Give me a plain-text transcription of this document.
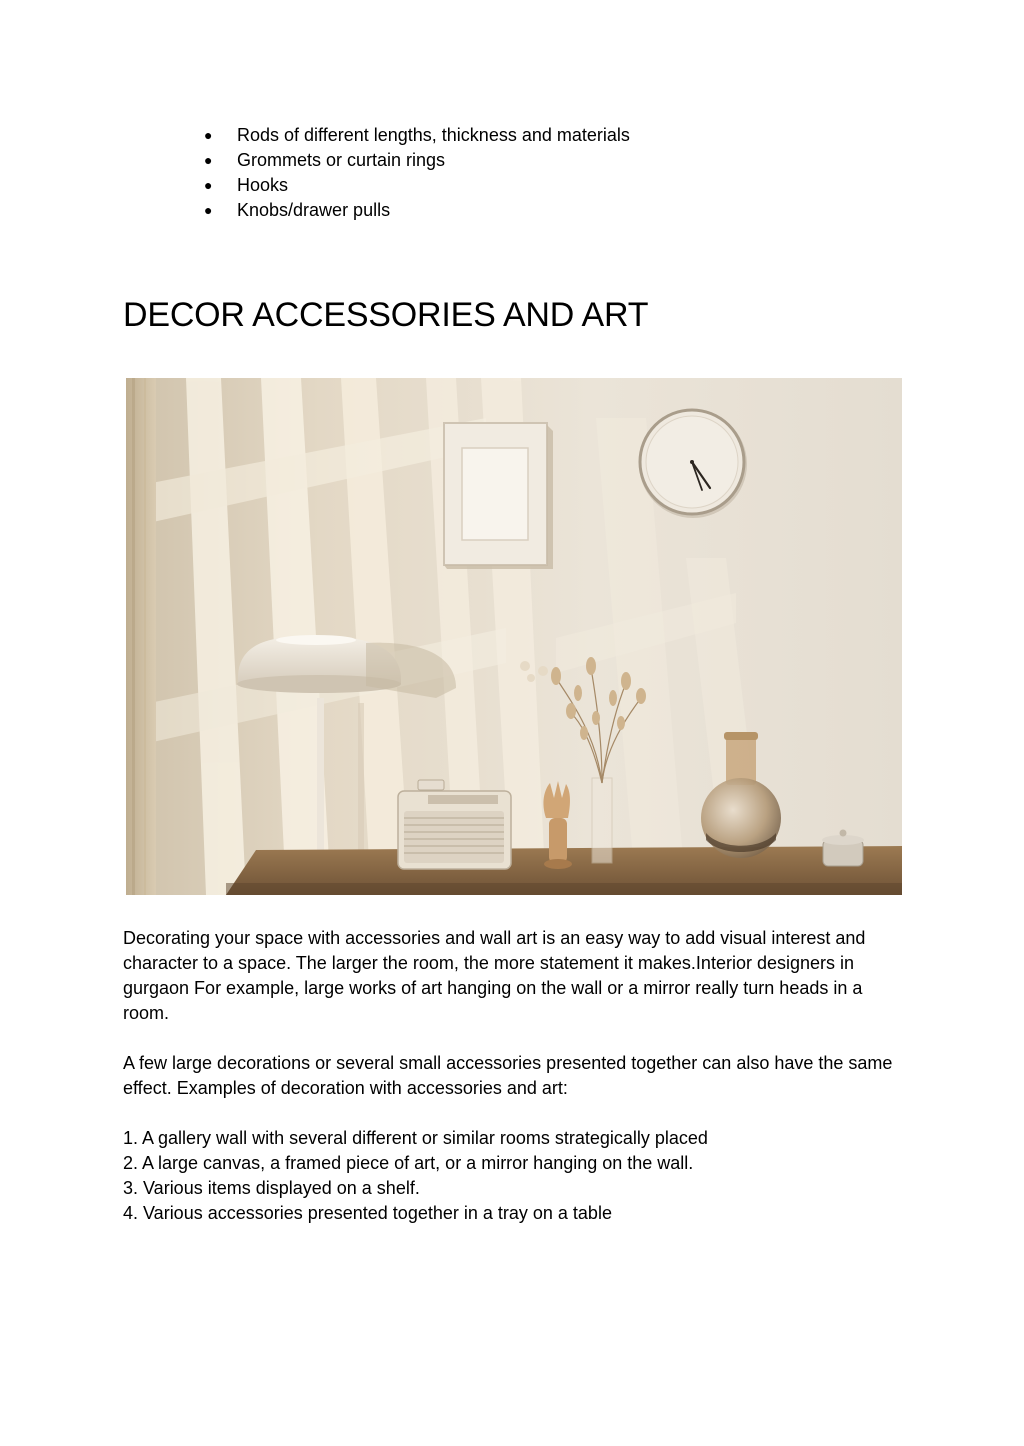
● Rods of different lengths, thickness and materials
● Grommets or curtain rings
● Hooks
● Knobs/drawer pulls
DECOR ACCESSORIES AND ART

Decorating your space with accessories and wall art is an easy way to add visual interest and character to a space. The larger the room, the more statement it makes.Interior designers in gurgaon For example, large works of art hanging on the wall or a mirror really turn heads in a room.

A few large decorations or several small accessories presented together can also have the same effect. Examples of decoration with accessories and art:

1. A gallery wall with several different or similar rooms strategically placed
2. A large canvas, a framed piece of art, or a mirror hanging on the wall.
3. Various items displayed on a shelf.
4. Various accessories presented together in a tray on a table
